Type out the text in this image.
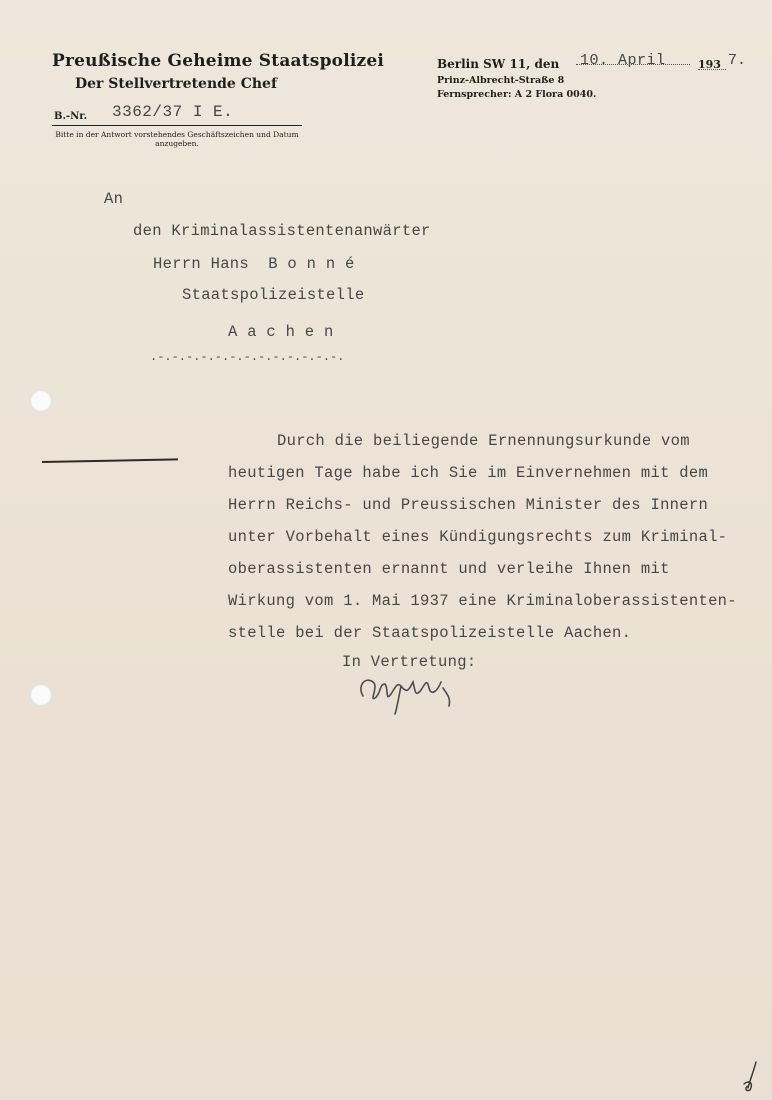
Preußische Geheime Staatspolizei
Der Stellvertretende Chef
B.-Nr. 3362/37 I E.
Bitte in der Antwort vorstehendes Geschäftszeichen und Datum anzugeben.
Berlin SW 11, den 10. April	193 7.
Prinz-Albrecht-Straße 8
Fernsprecher: A 2 Flora 0040.
An
den Kriminalassistentenanwärter
Herrn Hans  B o n n é
Staatspolizeistelle
A a c h e n
.-.-.-.-.-.-.-.-.-.-.-.-.-.
Durch die beiliegende Ernennungsurkunde vom
heutigen Tage habe ich Sie im Einvernehmen mit dem
Herrn Reichs- und Preussischen Minister des Innern
unter Vorbehalt eines Kündigungsrechts zum Kriminal-
oberassistenten ernannt und verleihe Ihnen mit
Wirkung vom 1. Mai 1937 eine Kriminaloberassistenten-
stelle bei der Staatspolizeistelle Aachen.
In Vertretung:
